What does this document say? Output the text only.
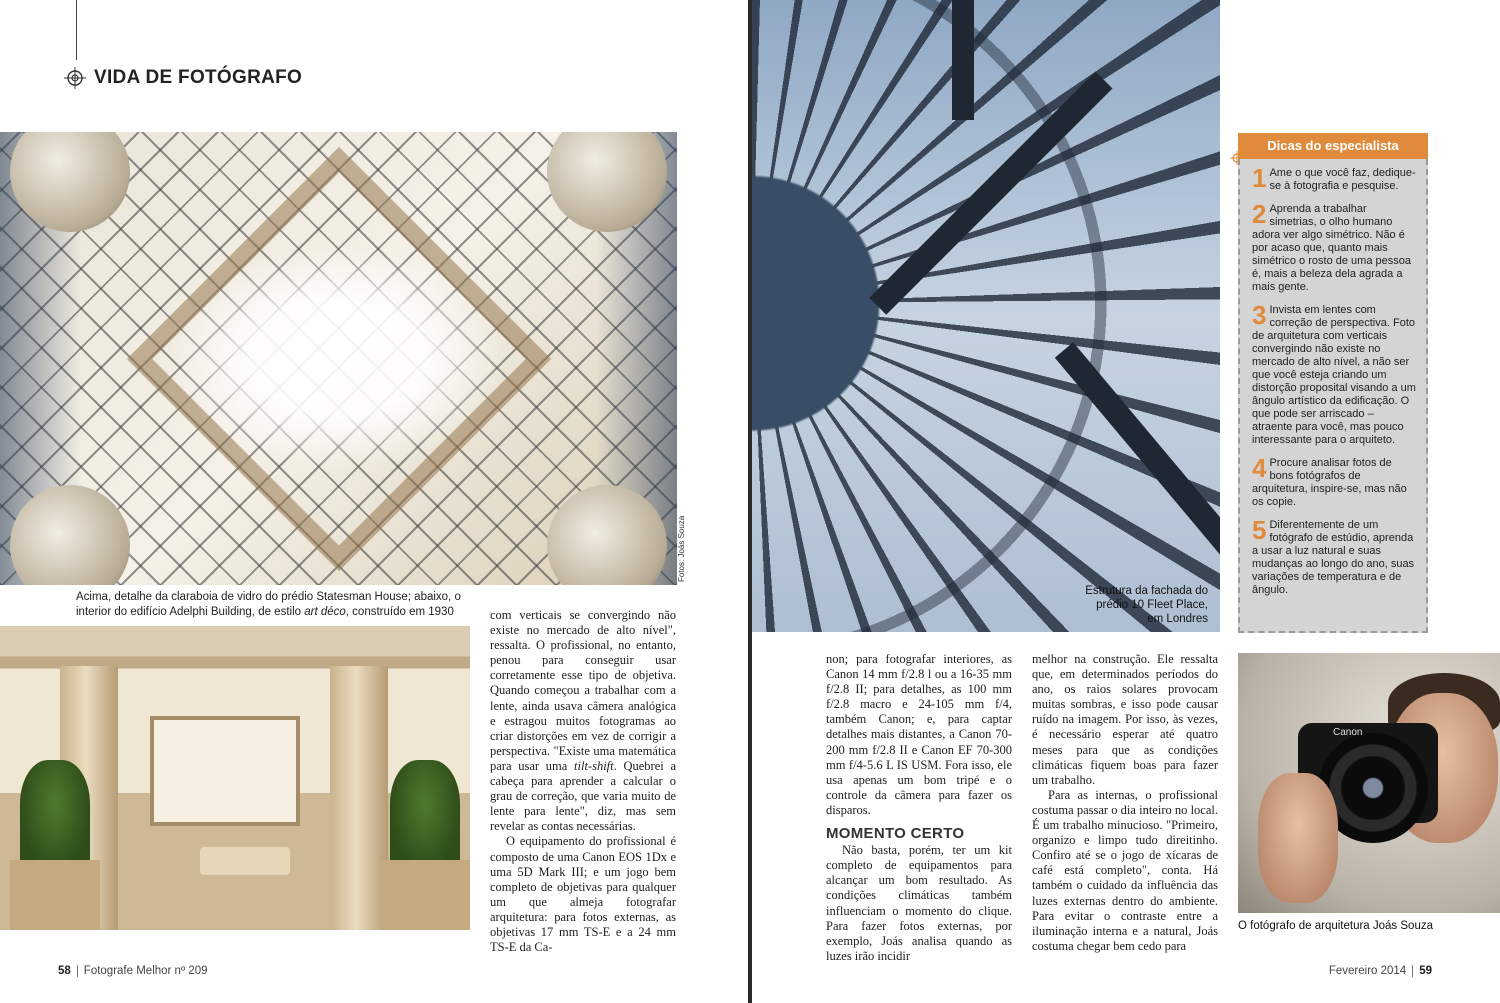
VIDA DE FOTÓGRAFO
Fotos: Joás Souza
Acima, detalhe da claraboia de vidro do prédio Statesman House; abaixo, o interior do edifício Adelphi Building, de estilo art déco, construído em 1930	com verticais se convergindo não existe no mercado de alto nível", ressalta. O profissional, no entanto, penou para conseguir usar corretamente esse tipo de objetiva. Quando começou a trabalhar com a lente, ainda usava câmera analógica e estragou muitos fotogramas ao criar distorções em vez de corrigir a perspectiva. "Existe uma matemática para usar uma tilt-shift. Quebrei a cabeça para aprender a calcular o grau de correção, que varia muito de lente para lente", diz, mas sem revelar as contas necessárias.

O equipamento do profissional é composto de uma Canon EOS 1Dx e uma 5D Mark III; e um jogo bem completo de objetivas para qualquer um que almeja fotografar arquitetura: para fotos externas, as objetivas 17 mm TS-E e a 24 mm TS-E da Ca-

58 Fotografe Melhor nº 209
Estrutura da fachada do prédio 10 Fleet Place, em Londres
Dicas do especialista
1 Ame o que você faz, dedique-se à fotografia e pesquise.
2 Aprenda a trabalhar simetrias, o olho humano adora ver algo simétrico. Não é por acaso que, quanto mais simétrico o rosto de uma pessoa é, mais a beleza dela agrada a mais gente.
3 Invista em lentes com correção de perspectiva. Foto de arquitetura com verticais convergindo não existe no mercado de alto nível, a não ser que você esteja criando um distorção proposital visando a um ângulo artístico da edificação. O que pode ser arriscado – atraente para você, mas pouco interessante para o arquiteto.
4 Procure analisar fotos de bons fotógrafos de arquitetura, inspire-se, mas não os copie.
5 Diferentemente de um fotógrafo de estúdio, aprenda a usar a luz natural e suas mudanças ao longo do ano, suas variações de temperatura e de ângulo.

non; para fotografar interiores, as Canon 14 mm f/2.8 l ou a 16-35 mm f/2.8 II; para detalhes, as 100 mm f/2.8 macro e 24-105 mm f/4, também Canon; e, para captar detalhes mais distantes, a Canon 70-200 mm f/2.8 II e Canon EF 70-300 mm f/4-5.6 L IS USM. Fora isso, ele usa apenas um bom tripé e o controle da câmera para fazer os disparos.

MOMENTO CERTO

Não basta, porém, ter um kit completo de equipamentos para alcançar um bom resultado. As condições climáticas também influenciam o momento do clique. Para fazer fotos externas, por exemplo, Joás analisa quando as luzes irão incidir

melhor na construção. Ele ressalta que, em determinados períodos do ano, os raios solares provocam muitas sombras, e isso pode causar ruído na imagem. Por isso, às vezes, é necessário esperar até quatro meses para que as condições climáticas fiquem boas para fazer um trabalho.

Para as internas, o profissional costuma passar o dia inteiro no local. É um trabalho minucioso. "Primeiro, organizo e limpo tudo direitinho. Confiro até se o jogo de xícaras de café está completo", conta. Há também o cuidado da influência das luzes externas dentro do ambiente. Para evitar o contraste entre a iluminação interna e a natural, Joás costuma chegar bem cedo para

Canon
O fotógrafo de arquitetura Joás Souza
Fevereiro 2014 59
